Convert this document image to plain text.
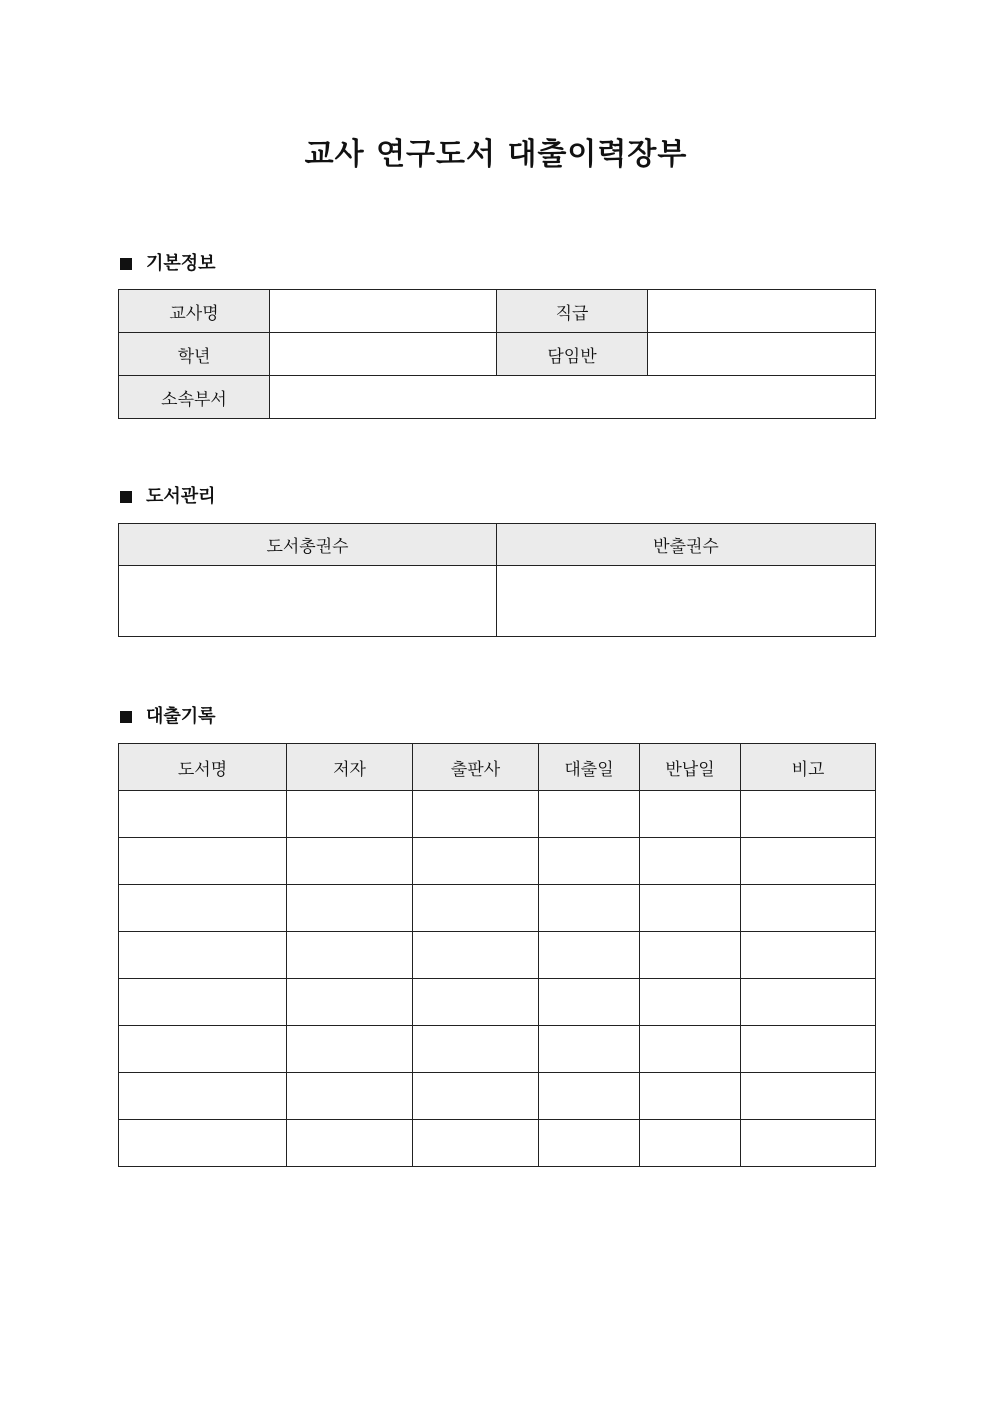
교사 연구도서 대출이력장부
기본정보
교사명		직급	
학년		담임반	
소속부서			
도서관리
도서총권수	반출권수

대출기록
도서명	저자	출판사	대출일	반납일	비고
